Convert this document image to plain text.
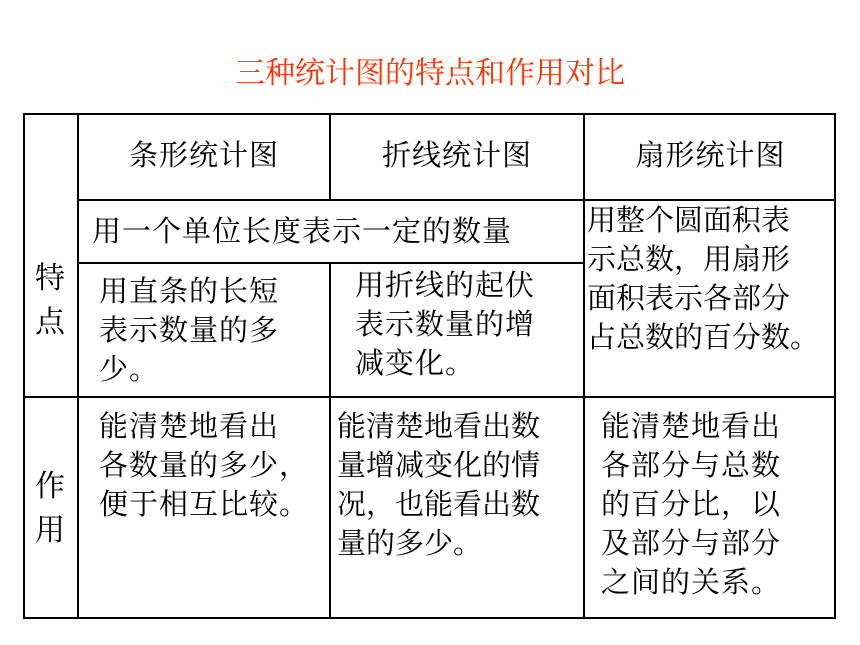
三种统计图的特点和作用对比
条形统计图	折线统计图	扇形统计图
特
点
作
用
用一个单位长度表示一定的数量
用直条的长短
表示数量的多
少。
用折线的起伏
表示数量的增
减变化。
用整个圆面积表
示总数，用扇形
面积表示各部分
占总数的百分数。
能清楚地看出
各数量的多少，
便于相互比较。
能清楚地看出数
量增减变化的情
况，也能看出数
量的多少。
能清楚地看出
各部分与总数
的百分比，以
及部分与部分
之间的关系。
